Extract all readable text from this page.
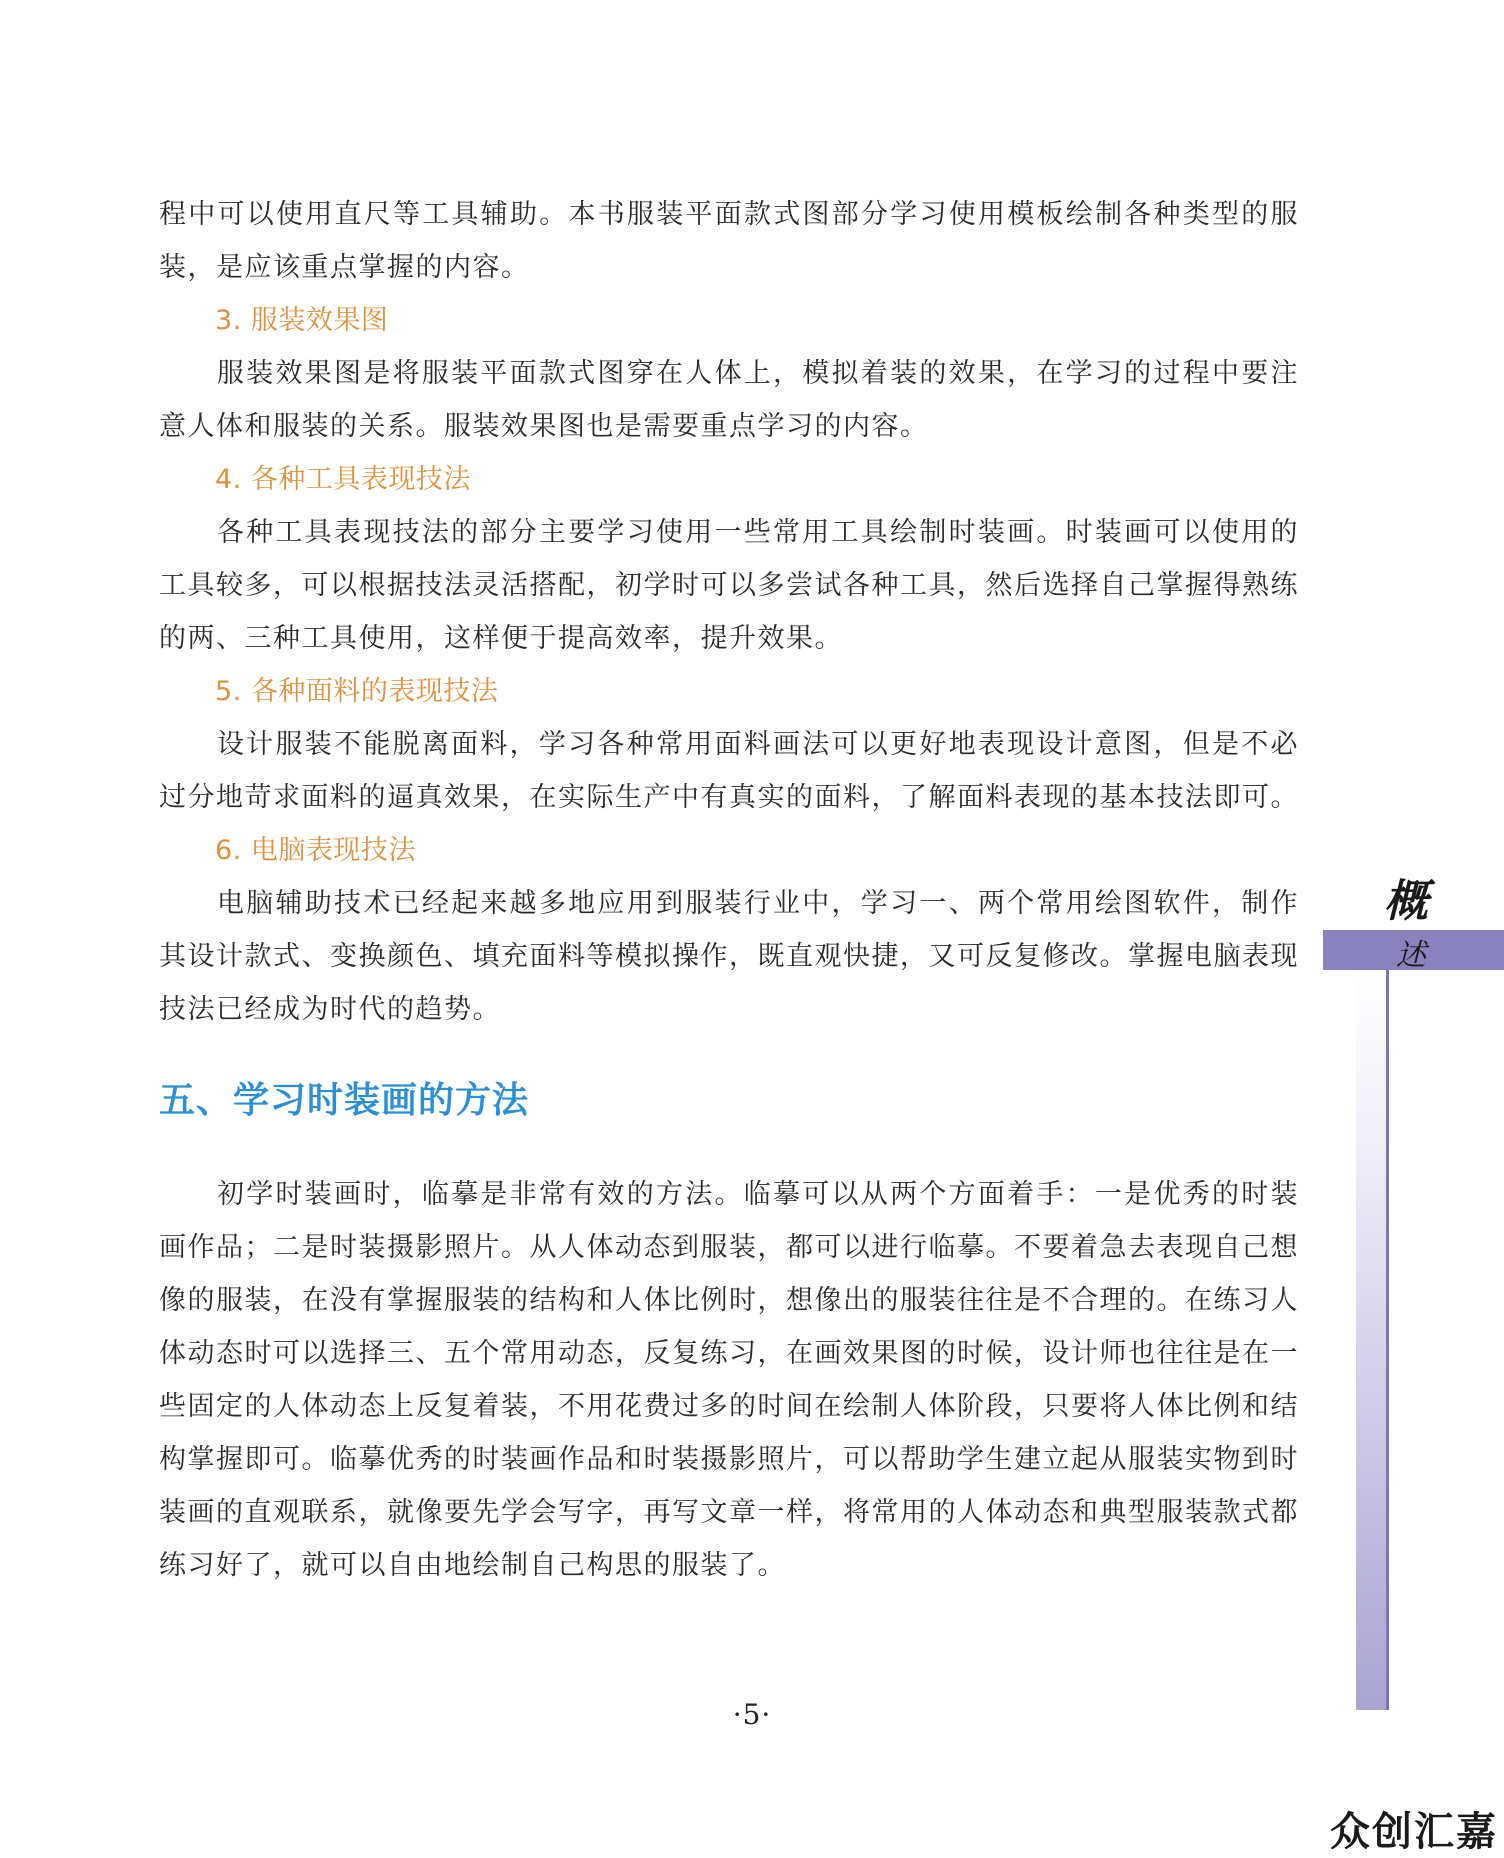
程中可以使用直尺等工具辅助。本书服装平面款式图部分学习使用模板绘制各种类型的服装，是应该重点掌握的内容。

3. 服装效果图

服装效果图是将服装平面款式图穿在人体上，模拟着装的效果，在学习的过程中要注意人体和服装的关系。服装效果图也是需要重点学习的内容。

4. 各种工具表现技法

各种工具表现技法的部分主要学习使用一些常用工具绘制时装画。时装画可以使用的工具较多，可以根据技法灵活搭配，初学时可以多尝试各种工具，然后选择自己掌握得熟练的两、三种工具使用，这样便于提高效率，提升效果。

5. 各种面料的表现技法

设计服装不能脱离面料，学习各种常用面料画法可以更好地表现设计意图，但是不必过分地苛求面料的逼真效果，在实际生产中有真实的面料，了解面料表现的基本技法即可。

6. 电脑表现技法

电脑辅助技术已经起来越多地应用到服装行业中，学习一、两个常用绘图软件，制作其设计款式、变换颜色、填充面料等模拟操作，既直观快捷，又可反复修改。掌握电脑表现技法已经成为时代的趋势。

五、学习时装画的方法

初学时装画时，临摹是非常有效的方法。临摹可以从两个方面着手：一是优秀的时装画作品；二是时装摄影照片。从人体动态到服装，都可以进行临摹。不要着急去表现自己想像的服装，在没有掌握服装的结构和人体比例时，想像出的服装往往是不合理的。在练习人体动态时可以选择三、五个常用动态，反复练习，在画效果图的时候，设计师也往往是在一些固定的人体动态上反复着装，不用花费过多的时间在绘制人体阶段，只要将人体比例和结构掌握即可。临摹优秀的时装画作品和时装摄影照片，可以帮助学生建立起从服装实物到时装画的直观联系，就像要先学会写字，再写文章一样，将常用的人体动态和典型服装款式都练习好了，就可以自由地绘制自己构思的服装了。

·5·
概
述
众创汇嘉
